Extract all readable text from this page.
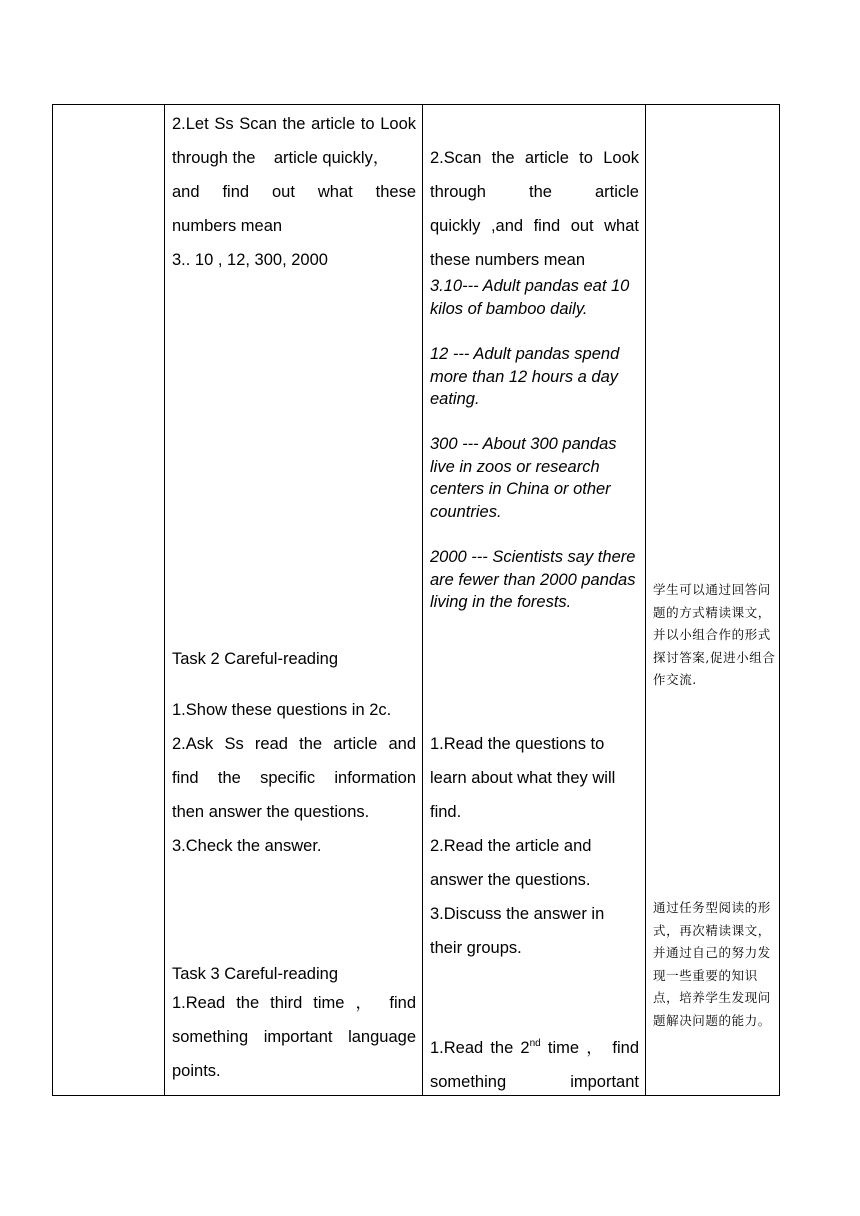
2.Let Ss Scan the article to Look

through the    article quickly，

and find out what these

numbers mean

3.. 10 , 12, 300, 2000

Task 2 Careful-reading

1.Show these questions in 2c.

2.Ask Ss read the article and

find the specific information

then answer the questions.

3.Check the answer.

Task 3 Careful-reading

1.Read the third time ， find

something important language

points.

2.Scan the article to Look

through the article

quickly ,and find out what

these numbers mean

3.10--- Adult pandas eat 10 kilos of bamboo daily.

12 --- Adult pandas spend more than 12 hours a day eating.

300 --- About 300 pandas live in zoos or research centers in China or other countries.

2000 --- Scientists say there are fewer than 2000 pandas living in the forests.

1.Read the questions to

learn about what they will

find.

2.Read the article and

answer the questions.

3.Discuss the answer in

their groups.

1.Read the 2nd time ， find

something important

学生可以通过回答问题的方式精读课文，并以小组合作的形式探讨答案,促进小组合作交流.

通过任务型阅读的形式，再次精读课文，并通过自己的努力发现一些重要的知识点，培养学生发现问题解决问题的能力。
